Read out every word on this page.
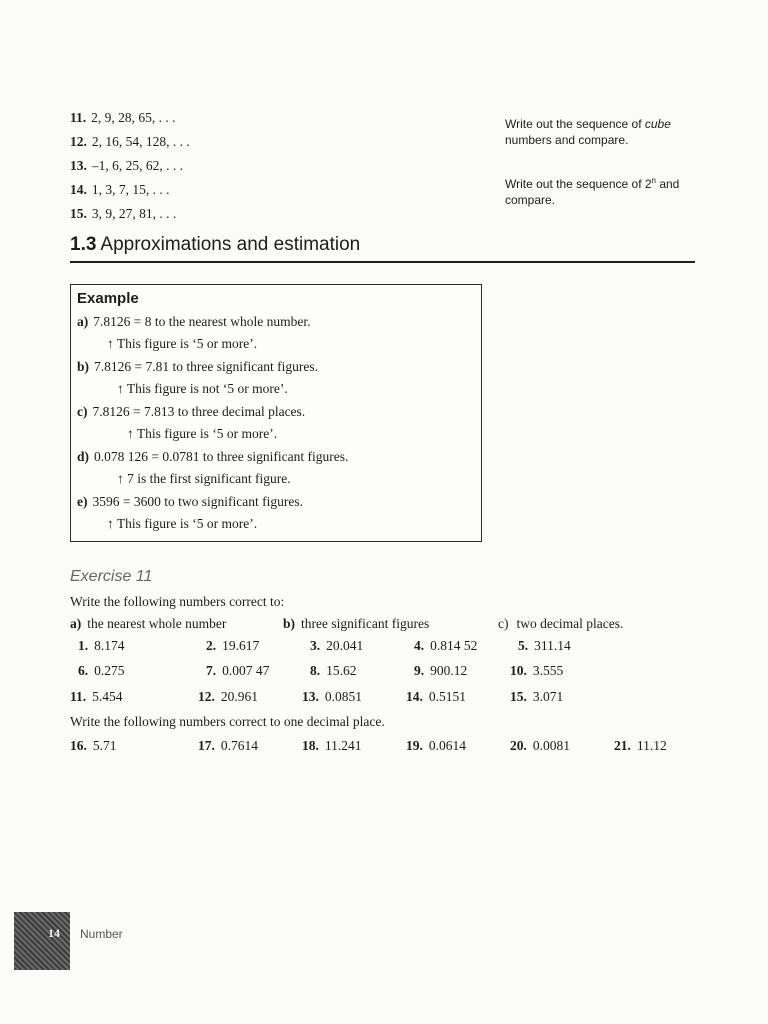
11. 2, 9, 28, 65, . . .
12. 2, 16, 54, 128, . . .
13. –1, 6, 25, 62, . . .
14. 1, 3, 7, 15, . . .
15. 3, 9, 27, 81, . . .
Write out the sequence of cube numbers and compare.
Write out the sequence of 2$^n$ and compare.
1.3 Approximations and estimation
Example
a) 7.8126 = 8 to the nearest whole number.
↑ This figure is ‘5 or more’.
b) 7.8126 = 7.81 to three significant figures.
↑ This figure is not ‘5 or more’.
c) 7.8126 = 7.813 to three decimal places.
↑ This figure is ‘5 or more’.
d) 0.078 126 = 0.0781 to three significant figures.
↑ 7 is the first significant figure.
e) 3596 = 3600 to two significant figures.
↑ This figure is ‘5 or more’.
Exercise 11
Write the following numbers correct to:
a) the nearest whole number	b) three significant figures	c) two decimal places.
1. 8.174	2. 19.617	3. 20.041	4. 0.814 52	5. 311.14
6. 0.275	7. 0.007 47	8. 15.62	9. 900.12	10. 3.555
11. 5.454	12. 20.961	13. 0.0851	14. 0.5151	15. 3.071
Write the following numbers correct to one decimal place.
16. 5.71	17. 0.7614	18. 11.241	19. 0.0614	20. 0.0081	21. 11.12
14 Number
